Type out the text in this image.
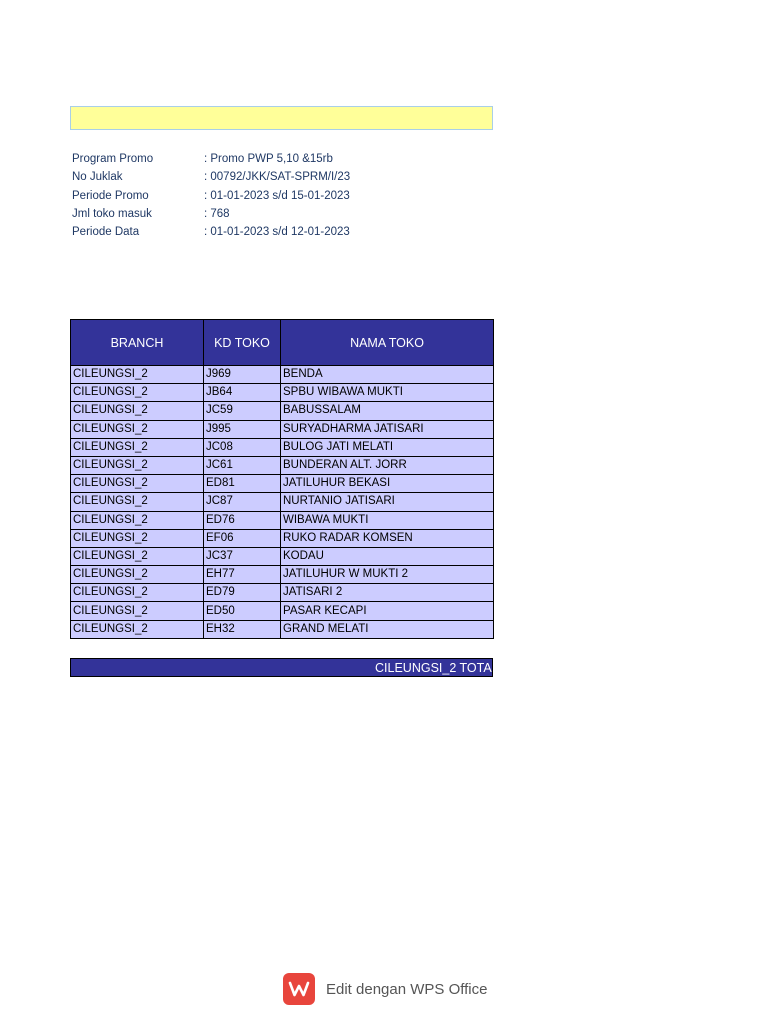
Program Promo	: Promo PWP 5,10 &15rb
No Juklak	: 00792/JKK/SAT-SPRM/I/23
Periode Promo	: 01-01-2023 s/d 15-01-2023
Jml toko masuk	: 768
Periode Data	: 01-01-2023 s/d 12-01-2023
BRANCH	KD TOKO	NAMA TOKO
CILEUNGSI_2	J969	BENDA
CILEUNGSI_2	JB64	SPBU WIBAWA MUKTI
CILEUNGSI_2	JC59	BABUSSALAM
CILEUNGSI_2	J995	SURYADHARMA JATISARI
CILEUNGSI_2	JC08	BULOG JATI MELATI
CILEUNGSI_2	JC61	BUNDERAN ALT. JORR
CILEUNGSI_2	ED81	JATILUHUR BEKASI
CILEUNGSI_2	JC87	NURTANIO JATISARI
CILEUNGSI_2	ED76	WIBAWA MUKTI
CILEUNGSI_2	EF06	RUKO RADAR KOMSEN
CILEUNGSI_2	JC37	KODAU
CILEUNGSI_2	EH77	JATILUHUR W MUKTI 2
CILEUNGSI_2	ED79	JATISARI 2
CILEUNGSI_2	ED50	PASAR KECAPI
CILEUNGSI_2	EH32	GRAND MELATI
CILEUNGSI_2 TOTA
Edit dengan WPS Office
